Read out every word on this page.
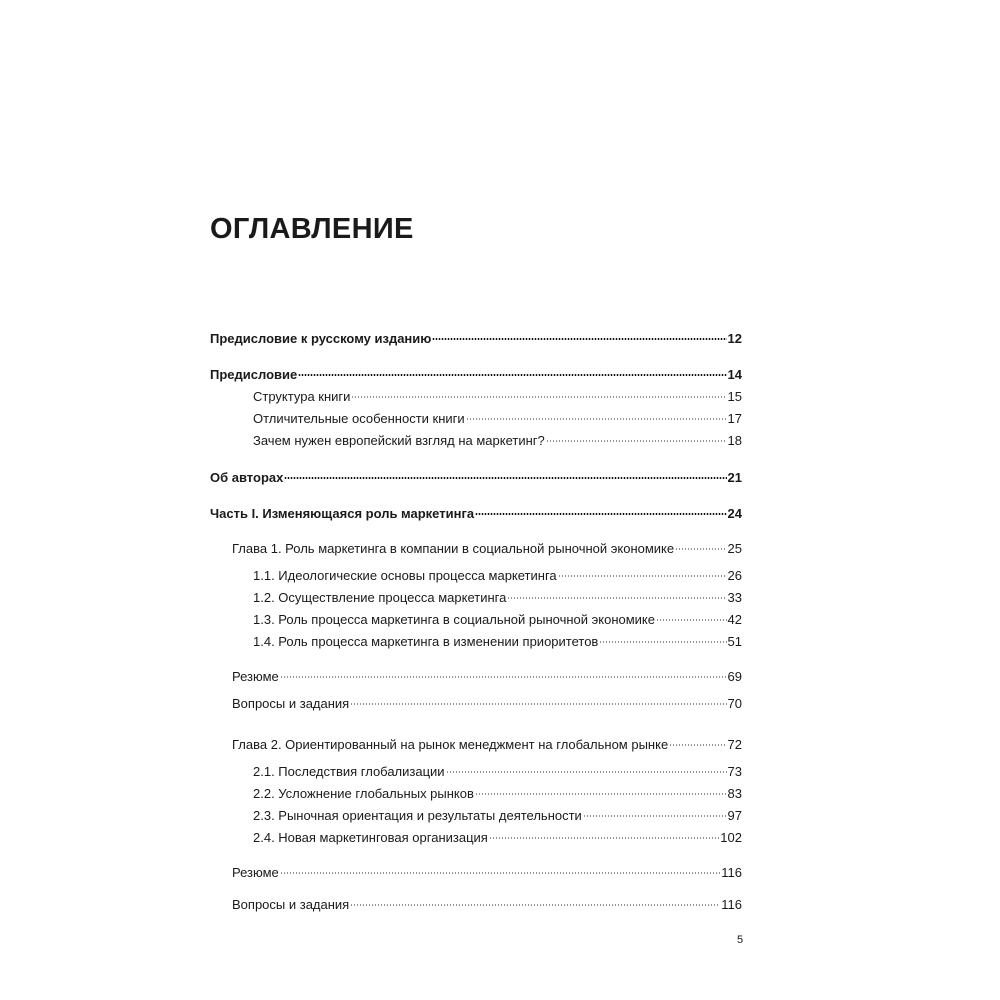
ОГЛАВЛЕНИЕ
Предисловие к русскому изданию	12
Предисловие	14
Структура книги	15
Отличительные особенности книги	17
Зачем нужен европейский взгляд на маркетинг?	18
Об авторах	21
Часть I. Изменяющаяся роль маркетинга	24
Глава 1. Роль маркетинга в компании в социальной рыночной экономике	25
1.1. Идеологические основы процесса маркетинга	26
1.2. Осуществление процесса маркетинга	33
1.3. Роль процесса маркетинга в социальной рыночной экономике	42
1.4. Роль процесса маркетинга в изменении приоритетов	51
Резюме	69
Вопросы и задания	70
Глава 2. Ориентированный на рынок менеджмент на глобальном рынке	72
2.1. Последствия глобализации	73
2.2. Усложнение глобальных рынков	83
2.3. Рыночная ориентация и результаты деятельности	97
2.4. Новая маркетинговая организация	102
Резюме	116
Вопросы и задания	116
5
